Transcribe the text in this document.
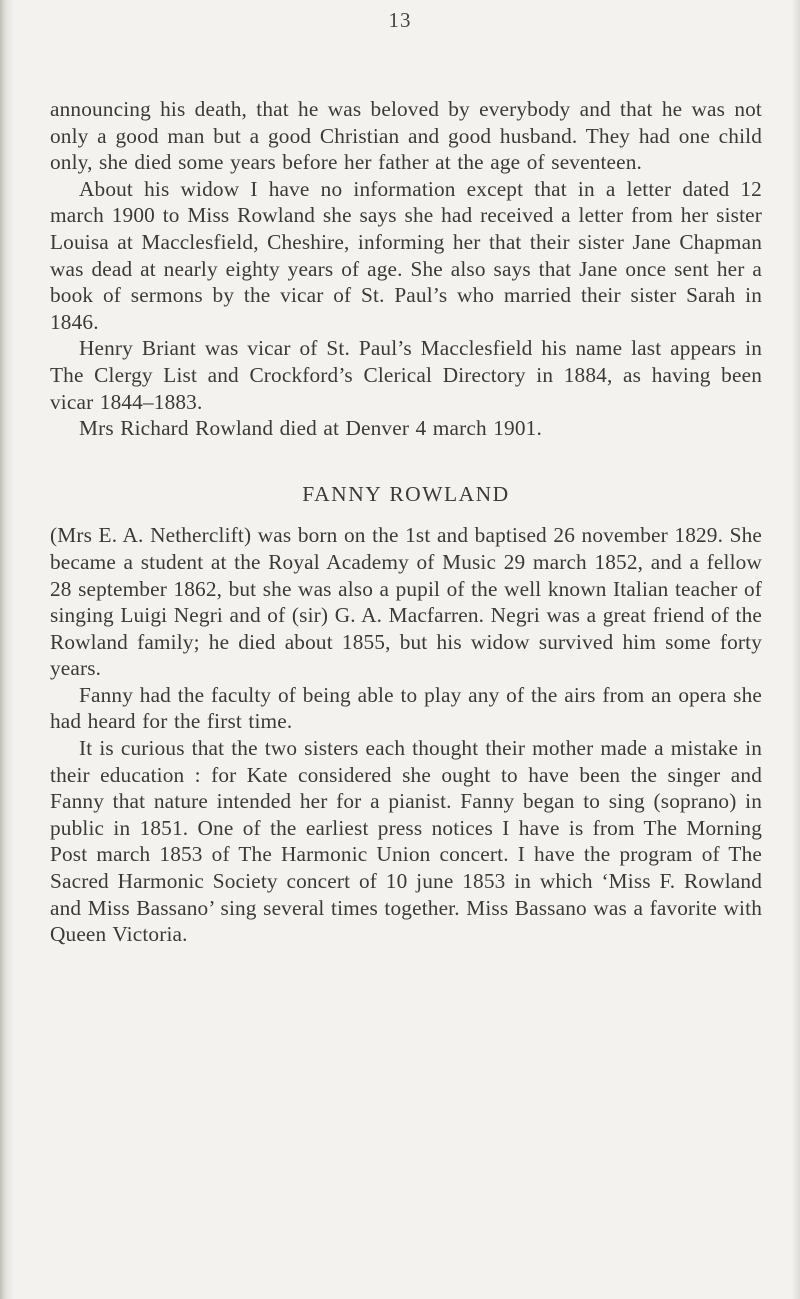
13

announcing his death, that he was beloved by everybody and that he was not only a good man but a good Christian and good husband. They had one child only, she died some years before her father at the age of seventeen.

About his widow I have no information except that in a letter dated 12 march 1900 to Miss Rowland she says she had received a letter from her sister Louisa at Macclesfield, Cheshire, informing her that their sister Jane Chapman was dead at nearly eighty years of age. She also says that Jane once sent her a book of sermons by the vicar of St. Paul’s who married their sister Sarah in 1846.

Henry Briant was vicar of St. Paul’s Macclesfield his name last appears in The Clergy List and Crockford’s Clerical Directory in 1884, as having been vicar 1844–1883.

Mrs Richard Rowland died at Denver 4 march 1901.

FANNY ROWLAND

(Mrs E. A. Netherclift) was born on the 1st and baptised 26 november 1829. She became a student at the Royal Academy of Music 29 march 1852, and a fellow 28 september 1862, but she was also a pupil of the well known Italian teacher of singing Luigi Negri and of (sir) G. A. Macfarren. Negri was a great friend of the Rowland family; he died about 1855, but his widow survived him some forty years.

Fanny had the faculty of being able to play any of the airs from an opera she had heard for the first time.

It is curious that the two sisters each thought their mother made a mistake in their education : for Kate considered she ought to have been the singer and Fanny that nature intended her for a pianist. Fanny began to sing (soprano) in public in 1851. One of the earliest press notices I have is from The Morning Post march 1853 of The Harmonic Union concert. I have the program of The Sacred Harmonic Society concert of 10 june 1853 in which ‘Miss F. Rowland and Miss Bassano’ sing several times together. Miss Bassano was a favorite with Queen Victoria.
